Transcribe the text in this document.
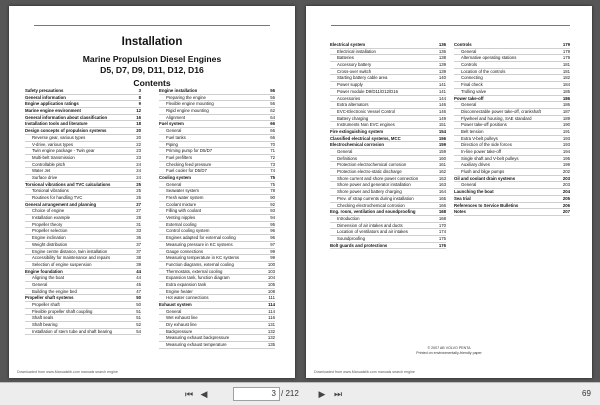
Installation
Marine Propulsion Diesel Engines
D5, D7, D9, D11, D12, D16
Contents
Safety precautions	3
General information	8
Engine application ratings	9
Marine engine environment	12
General information about classification	16
Installation tools and literature	18
Design concepts of propulsion systems	20
Reverse gear, various types	20
V-drive, various types	22
Twin engine package - Twin gear	23
Multi-belt transmission	23
Controllable pitch	24
Water Jet	24
Surface drive	24
Torsional vibrations and TVC calculations	25
Torsional vibrations	25
Routines for handling TVC	25
General arrangement and planning	27
Choice of engine	27
Installation example	28
Propeller theory	31
Propeller selection	33
Engine inclination	36
Weight distribution	37
Engine centre distance, twin installation	37
Accessibility for maintenance and repairs	38
Selection of engine suspension	39
Engine foundation	44
Aligning the boat	44
General	45
Building the engine bed	47
Propeller shaft systems	50
Propeller shaft	50
Flexible propeller shaft coupling	51
Shaft seals	51
Shaft bearing	52
Installation of stern tube and shaft bearing	54
Engine installation	56
Preparing the engine	56
Flexible engine mounting	56
Rigid engine mounting	62
Alignment	64
Fuel system	66
General	66
Fuel tanks	66
Piping	70
Priming pump for D5/D7	71
Fuel prefilters	72
Checking feed pressure	73
Fuel cooler for D5/D7	74
Cooling system	75
General	75
Seawater system	78
Fresh water system	90
Coolant mixture	92
Filling with coolant	93
Venting nipples	94
External cooling	95
Control cooling system	96
Engines adapted for external cooling	96
Measuring pressure in KC systems	97
Gauge connections	99
Measuring temperature in KC systems	99
Function diagrams, external cooling	100
Thermostats, external cooling	103
Expansion tank, function diagram	104
Extra expansion tank	105
Engine heater	108
Hot water connections	111
Exhaust system	114
General	114
Wet exhaust line	116
Dry exhaust line	131
Backpressure	132
Measuring exhaust backpressure	132
Measuring exhaust temperature	135
Downloaded from www.Manualslib.com manuals search engine
Electrical system	136
Electrical installation	136
Batteries	138
Accessory battery	139
Cross-over switch	139
Starting battery cable area	140
Power supply	141
Power module D9/D11/D12/D16	141
Accessories	144
Extra alternators	146
EVC-Electronic Vessel Control	146
Battery charging	149
Instruments Non EVC engines	151
Fire extinguishing system	154
Classified electrical systems, MCC	156
Electrochemical corrosion	159
General	159
Definitions	160
Protection electrochemical corrosion	161
Protection electro-static discharge	162
Shore current and shore power connection	163
Shore power and generator installation	163
Shore power and battery charging	164
Prev. of strap currents during installation	165
Checking electrochemical corrosion	166
Eng. room, ventilation and soundproofing	168
Introduction	168
Dimension of air intakes and ducts	170
Location of ventilators and air intakes	174
Soundproofing	175
Bolt guards and protections	176
Controls	179
General	179
Alternative operating stations	179
Controls	181
Location of the controls	181
Connecting	182
Final check	184
Trolling valve	185
Power take-off	186
General	186
Disconnectable power take-off, crankshaft	187
Flywheel and housing, SAE standard	189
Power take-off positions	190
Belt tension	191
Extra V-belt pulleys	193
Direction of the side forces	193
In-line power take-off	194
Single shaft and V-belt pulleys	195
Auxiliary drives	199
Flush and bilge pumps	202
Oil and coolant drain systems	203
General	203
Launching the boat	204
Sea trial	205
References to Service Bulletins	206
Notes	207
© 2007 AB VOLVO PENTA
Printed on environmentally-friendly paper
Downloaded from www.Manualslib.com manuals search engine
⏮ ◀	3 / 212 ▶ ⏭	69
